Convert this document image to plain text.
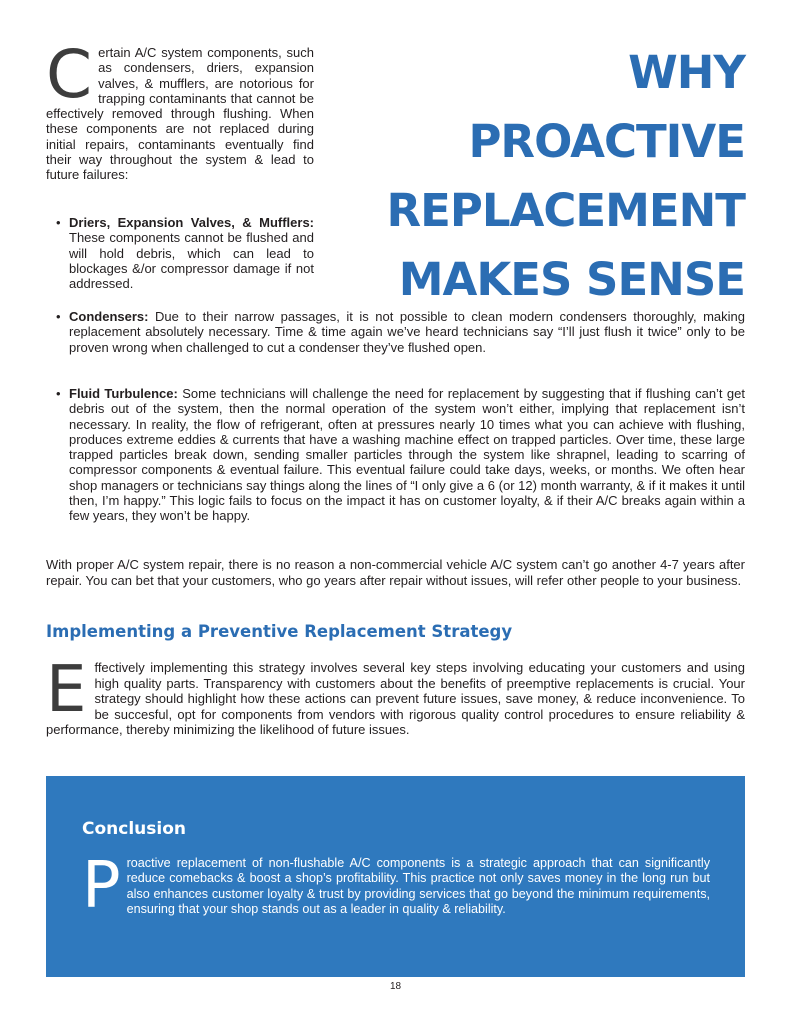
WHY
PROACTIVE
REPLACEMENT
MAKES SENSE
C ertain A/C system components, such as condensers, driers, expansion valves, & mufflers, are notorious for trapping contaminants that cannot be effectively removed through flushing. When these components are not replaced during initial repairs, contaminants eventually find their way throughout the system & lead to future failures:

• Driers, Expansion Valves, & Mufflers: These components cannot be flushed and will hold debris, which can lead to blockages &/or compressor damage if not addressed.
• Condensers: Due to their narrow passages, it is not possible to clean modern condensers thoroughly, making replacement absolutely necessary. Time & time again we’ve heard technicians say “I’ll just flush it twice” only to be proven wrong when challenged to cut a condenser they’ve flushed open.
• Fluid Turbulence: Some technicians will challenge the need for replacement by suggesting that if flushing can’t get debris out of the system, then the normal operation of the system won’t either, implying that replacement isn’t necessary. In reality, the flow of refrigerant, often at pressures nearly 10 times what you can achieve with flushing, produces extreme eddies & currents that have a washing machine effect on trapped particles. Over time, these large trapped particles break down, sending smaller particles through the system like shrapnel, leading to scarring of compressor components & eventual failure. This eventual failure could take days, weeks, or months. We often hear shop managers or technicians say things along the lines of “I only give a 6 (or 12) month warranty, & if it makes it until then, I’m happy.” This logic fails to focus on the impact it has on customer loyalty, & if their A/C breaks again within a few years, they won’t be happy.

With proper A/C system repair, there is no reason a non-commercial vehicle A/C system can’t go another 4-7 years after repair. You can bet that your customers, who go years after repair without issues, will refer other people to your business.

Implementing a Preventive Replacement Strategy
E ffectively implementing this strategy involves several key steps involving educating your customers and using high quality parts. Transparency with customers about the benefits of preemptive replacements is crucial. Your strategy should highlight how these actions can prevent future issues, save money, & reduce inconvenience. To be succesful, opt for components from vendors with rigorous quality control procedures to ensure reliability & performance, thereby minimizing the likelihood of future issues.
Conclusion

P roactive replacement of non-flushable A/C components is a strategic approach that can significantly reduce comebacks & boost a shop’s profitability. This practice not only saves money in the long run but also enhances customer loyalty & trust by providing services that go beyond the minimum requirements, ensuring that your shop stands out as a leader in quality & reliability.

18
